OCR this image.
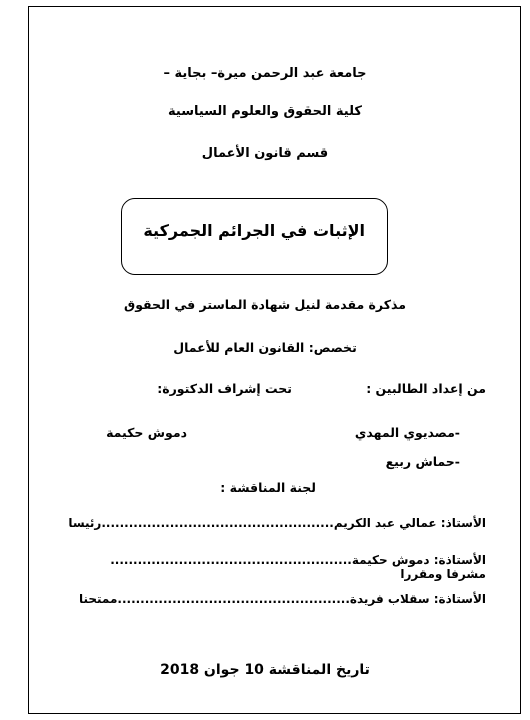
جامعة عبد الرحمن ميرة– بجاية –
كلية الحقوق والعلوم السياسية
قسم قانون الأعمال
الإثبات في الجرائم الجمركية
مذكرة مقدمة لنيل شهادة الماستر في الحقوق
تخصص: القانون العام للأعمال
من إعداد الطالبين :
تحت إشراف الدكتورة:
-مصديوي المهدي
دموش حكيمة
-حماش ربيع
لجنة المناقشة :
الأستاذ: عمالي عبد الكريم
...................................................
رئيسا
الأستاذة: دموش حكيمة
.....................................................
مشرفا ومقررا
الأستاذة: سقلاب فريدة
...................................................
ممتحنا
تاريخ المناقشة 10 جوان 2018
